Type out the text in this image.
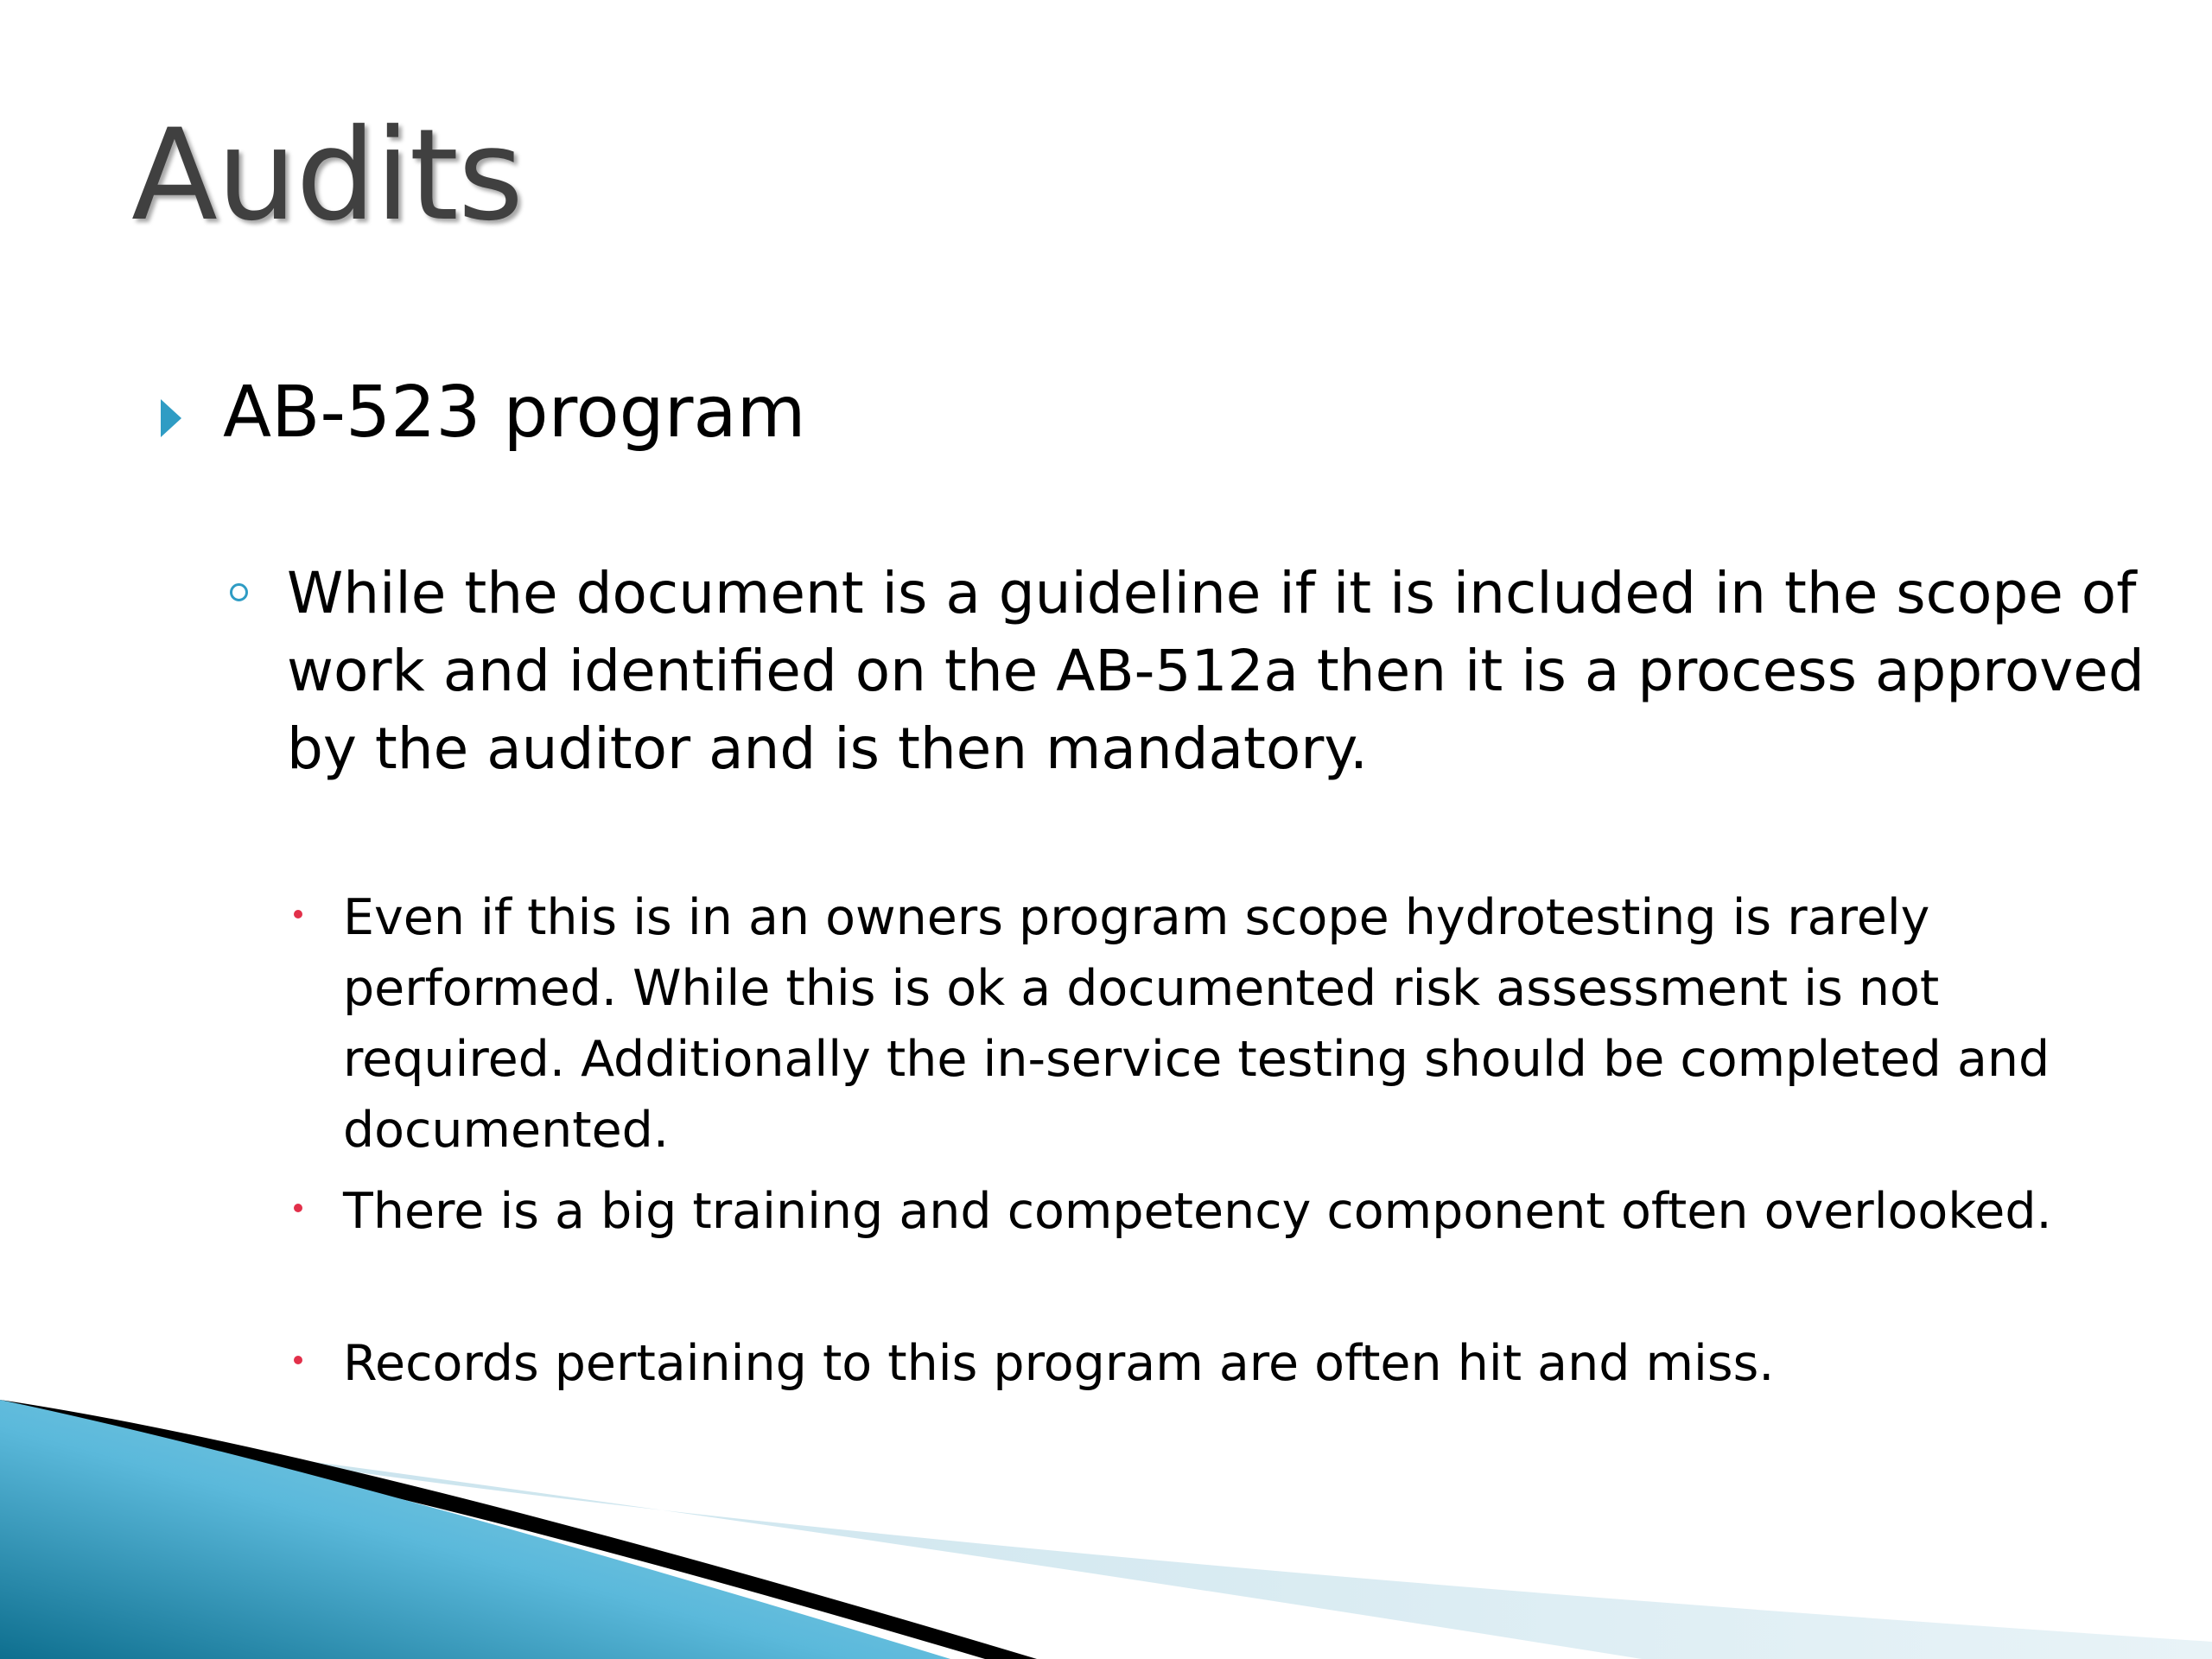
Audits
AB-523 program
While the document is a guideline if it is included in the scope of work and identified on the AB-512a then it is a process approved by the auditor and is then mandatory.
Even if this is in an owners program scope hydrotesting is rarely performed. While this is ok a documented risk assessment is not required. Additionally the in-service testing should be completed and documented.
There is a big training and competency component often overlooked.
Records pertaining to this program are often hit and miss.
